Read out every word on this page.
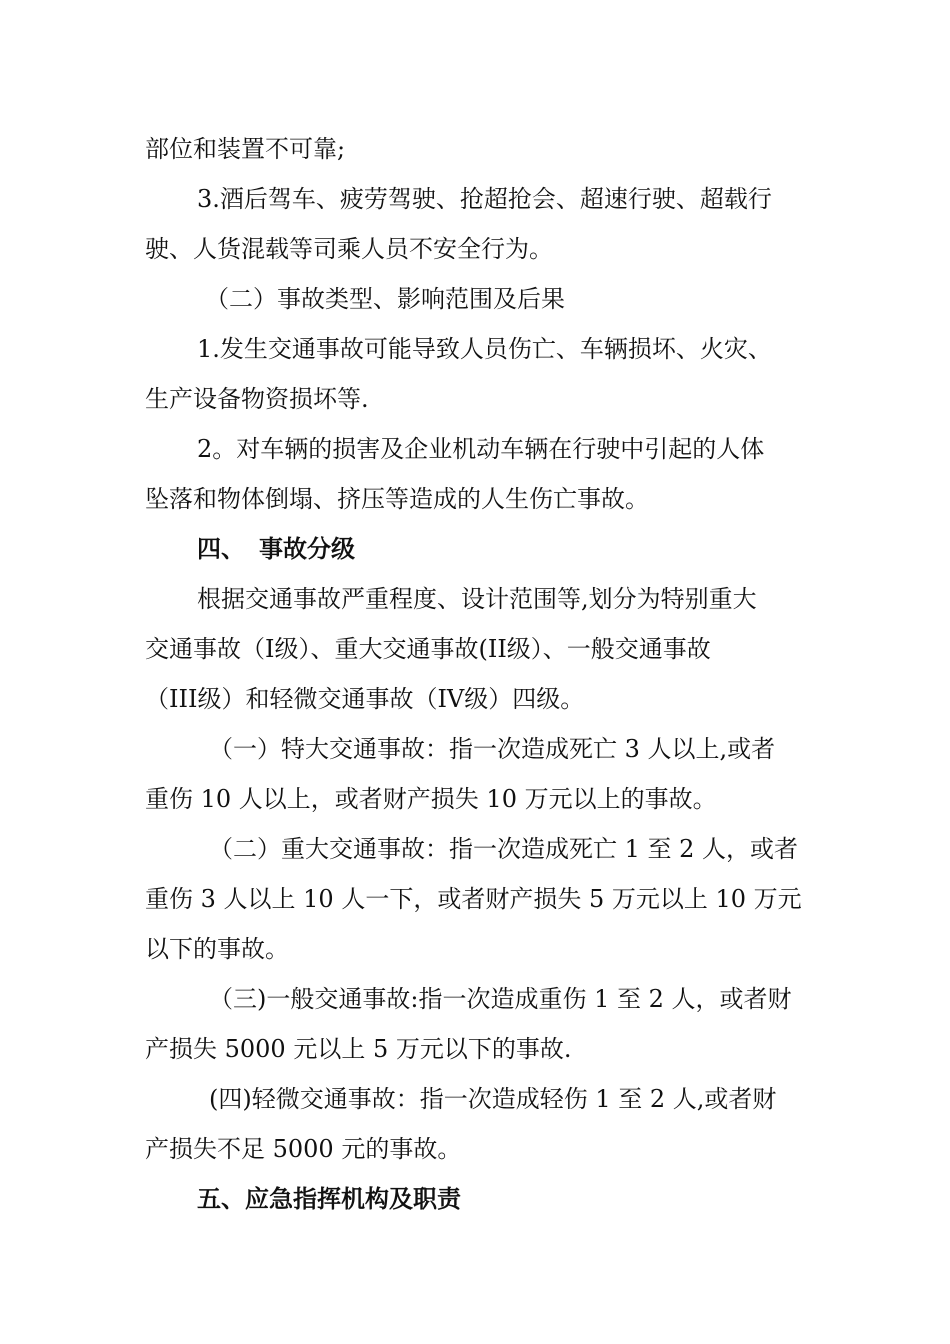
部位和装置不可靠;

3.酒后驾车、疲劳驾驶、抢超抢会、超速行驶、超载行

驶、人货混载等司乘人员不安全行为。

（二）事故类型、影响范围及后果

1.发生交通事故可能导致人员伤亡、车辆损坏、火灾、

生产设备物资损坏等.

2。对车辆的损害及企业机动车辆在行驶中引起的人体

坠落和物体倒塌、挤压等造成的人生伤亡事故。

四、 事故分级

根据交通事故严重程度、设计范围等,划分为特别重大

交通事故（I级）、重大交通事故(II级）、一般交通事故

（III级）和轻微交通事故（IV级）四级。

（一）特大交通事故：指一次造成死亡 3 人以上,或者

重伤 10 人以上，或者财产损失 10 万元以上的事故。

（二）重大交通事故：指一次造成死亡 1 至 2 人，或者

重伤 3 人以上 10 人一下，或者财产损失 5 万元以上 10 万元

以下的事故。

（三)一般交通事故:指一次造成重伤 1 至 2 人，或者财

产损失 5000 元以上 5 万元以下的事故.

(四)轻微交通事故：指一次造成轻伤 1 至 2 人,或者财

产损失不足 5000 元的事故。

五、应急指挥机构及职责
